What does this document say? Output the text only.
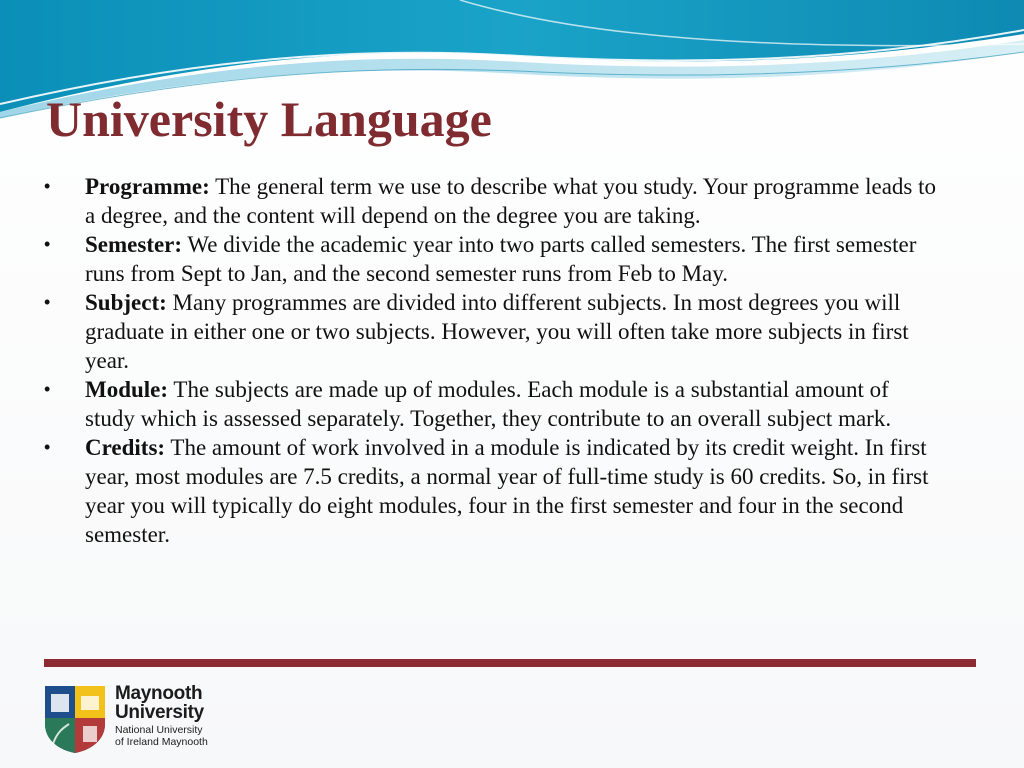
University Language
• Programme: The general term we use to describe what you study. Your programme leads to a degree, and the content will depend on the degree you are taking.
• Semester: We divide the academic year into two parts called semesters. The first semester runs from Sept to Jan, and the second semester runs from Feb to May.
• Subject: Many programmes are divided into different subjects. In most degrees you will graduate in either one or two subjects. However, you will often take more subjects in first year.
• Module: The subjects are made up of modules. Each module is a substantial amount of study which is assessed separately. Together, they contribute to an overall subject mark.
• Credits: The amount of work involved in a module is indicated by its credit weight. In first year, most modules are 7.5 credits, a normal year of full-time study is 60 credits. So, in first year you will typically do eight modules, four in the first semester and four in the second semester.
Maynooth
University
National University
of Ireland Maynooth
